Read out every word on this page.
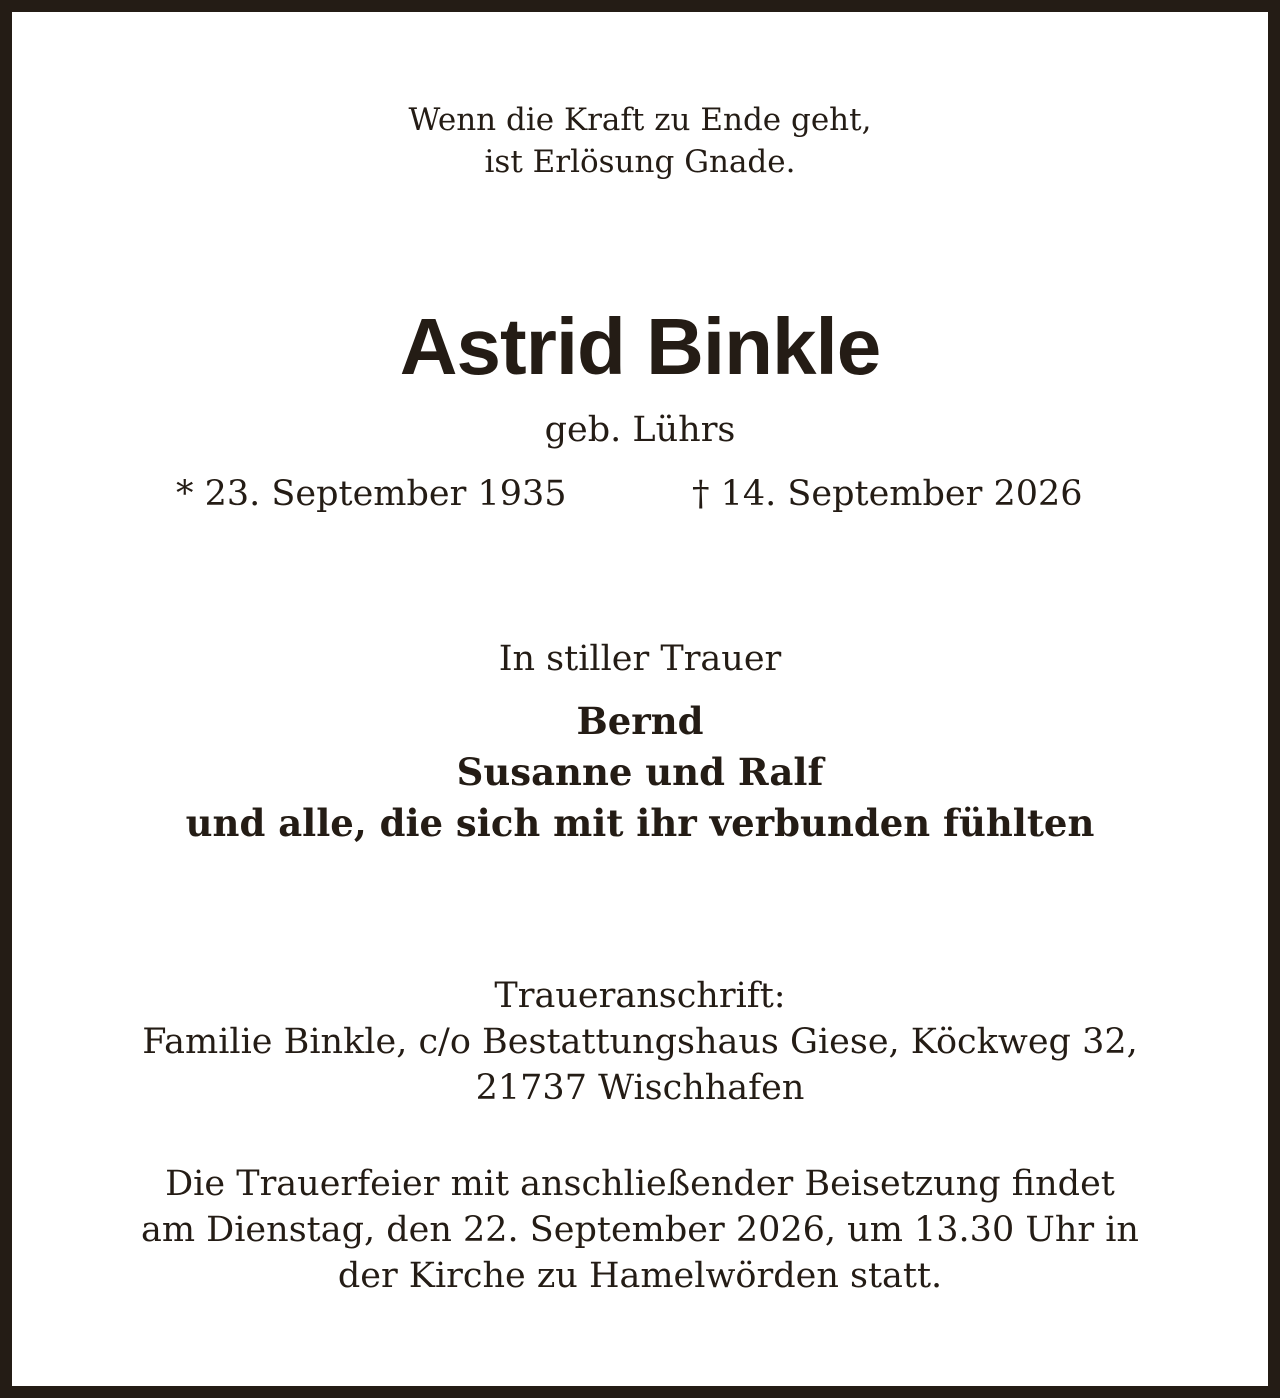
Wenn die Kraft zu Ende geht,

ist Erlösung Gnade.

Astrid Binkle

geb. Lührs

* 23. September 1935	† 14. September 2026

In stiller Trauer

Bernd

Susanne und Ralf

und alle, die sich mit ihr verbunden fühlten

Traueranschrift:

Familie Binkle, c/o Bestattungshaus Giese, Köckweg 32,

21737 Wischhafen

Die Trauerfeier mit anschließender Beisetzung findet

am Dienstag, den 22. September 2026, um 13.30 Uhr in

der Kirche zu Hamelwörden statt.
